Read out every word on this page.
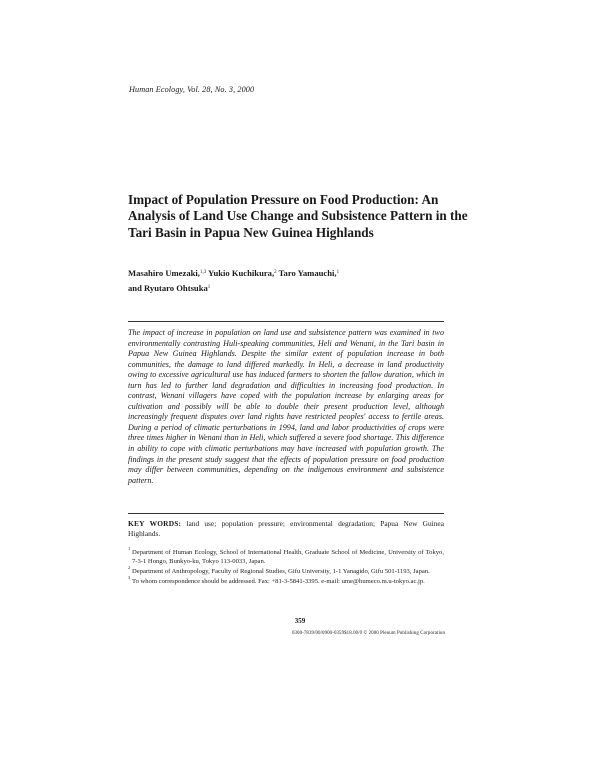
Human Ecology, Vol. 28, No. 3, 2000
Impact of Population Pressure on Food Production: An Analysis of Land Use Change and Subsistence Pattern in the Tari Basin in Papua New Guinea Highlands
Masahiro Umezaki,$^{1,3}$ Yukio Kuchikura,$^2$ Taro Yamauchi,$^1$
and Ryutaro Ohtsuka$^1$

The impact of increase in population on land use and subsistence pattern was examined in two environmentally contrasting Huli-speaking communities, Heli and Wenani, in the Tari basin in Papua New Guinea Highlands. Despite the similar extent of population increase in both communities, the damage to land differed markedly. In Heli, a decrease in land productivity owing to excessive agricultural use has induced farmers to shorten the fallow duration, which in turn has led to further land degradation and difficulties in increasing food production. In contrast, Wenani villagers have coped with the population increase by enlarging areas for cultivation and possibly will be able to double their present production level, although increasingly frequent disputes over land rights have restricted peoples' access to fertile areas. During a period of climatic perturbations in 1994, land and labor productivities of crops were three times higher in Wenani than in Heli, which suffered a severe food shortage. This difference in ability to cope with climatic perturbations may have increased with population growth. The findings in the present study suggest that the effects of population pressure on food production may differ between communities, depending on the indigenous environment and subsistence pattern.

KEY WORDS: land use; population pressure; environmental degradation; Papua New Guinea Highlands.

1
Department of Human Ecology, School of International Health, Graduate School of Medicine, University of Tokyo, 7-3-1 Hongo, Bunkyo-ku, Tokyo 113-0033, Japan.
2
Department of Anthropology, Faculty of Regional Studies, Gifu University, 1-1 Yanagido, Gifu 501-1193, Japan.
3
To whom correspondence should be addressed. Fax: +81-3-5841-3395. e-mail: ume@humeco.m.u-tokyo.ac.jp.
359
0300-7839/00/0900-0359$18.00/0 © 2000 Plenum Publishing Corporation
